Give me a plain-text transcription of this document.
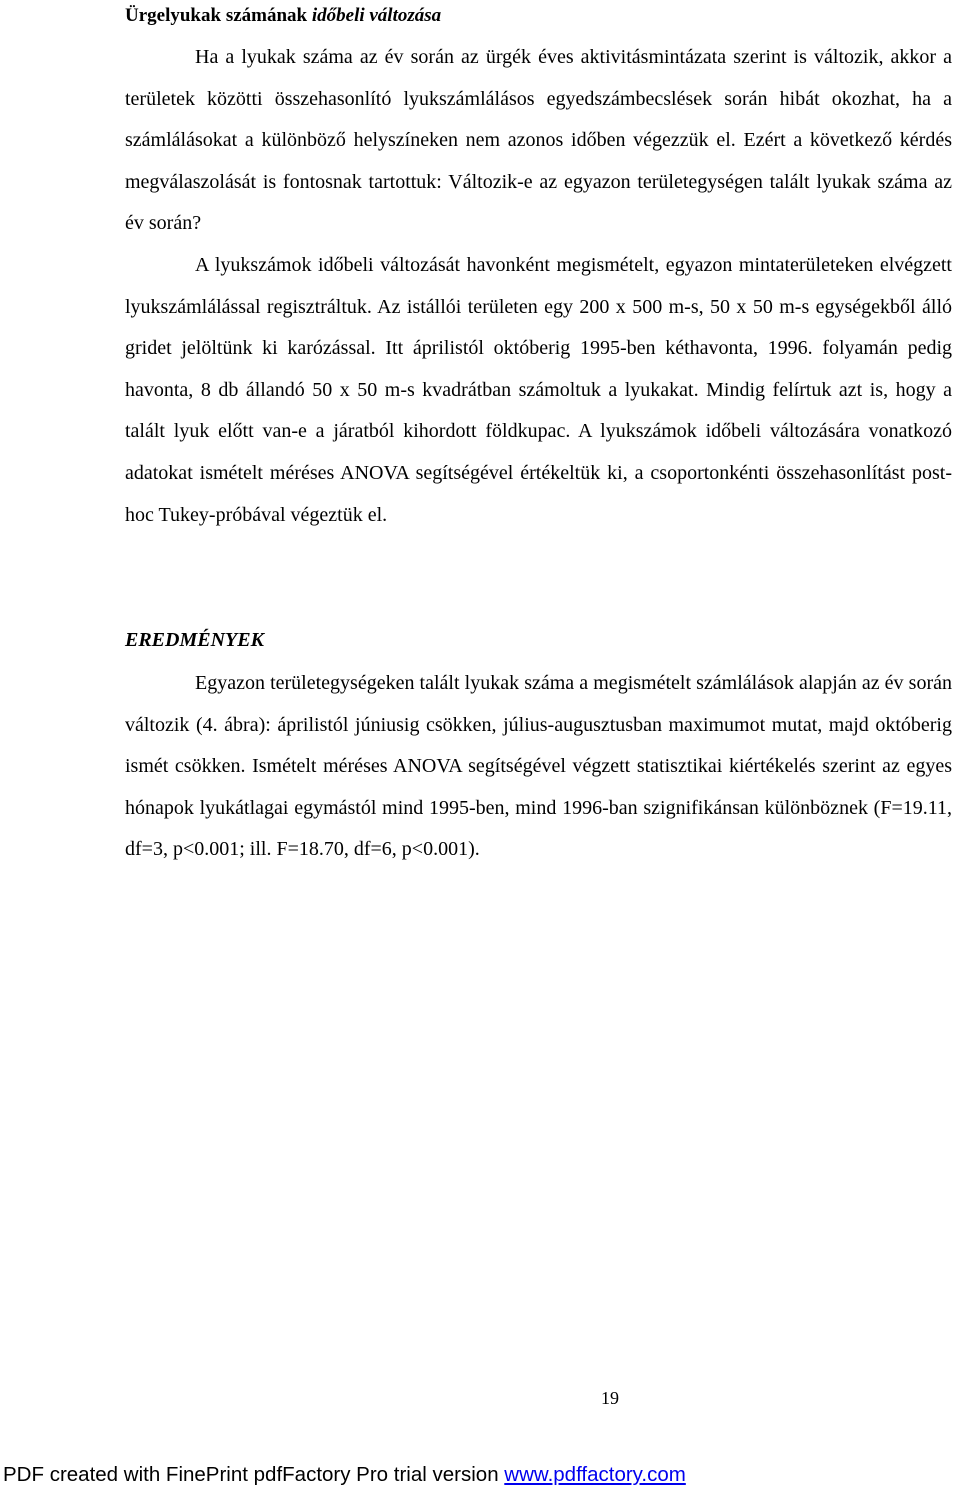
Ürgelyukak számának időbeli változása

Ha a lyukak száma az év során az ürgék éves aktivitásmintázata szerint is változik, akkor a területek közötti összehasonlító lyukszámlálásos egyedszámbecslések során hibát okozhat, ha a számlálásokat a különböző helyszíneken nem azonos időben végezzük el. Ezért a következő kérdés megválaszolását is fontosnak tartottuk: Változik-e az egyazon területegységen talált lyukak száma az év során?

A lyukszámok időbeli változását havonként megismételt, egyazon mintaterületeken elvégzett lyukszámlálással regisztráltuk. Az istállói területen egy 200 x 500 m-s, 50 x 50 m-s egységekből álló gridet jelöltünk ki karózással. Itt áprilistól októberig 1995-ben kéthavonta, 1996. folyamán pedig havonta, 8 db állandó 50 x 50 m-s kvadrátban számoltuk a lyukakat. Mindig felírtuk azt is, hogy a talált lyuk előtt van-e a járatból kihordott földkupac. A lyukszámok időbeli változására vonatkozó adatokat ismételt méréses ANOVA segítségével értékeltük ki, a csoportonkénti összehasonlítást post-hoc Tukey-próbával végeztük el.

EREDMÉNYEK

Egyazon területegységeken talált lyukak száma a megismételt számlálások alapján az év során változik (4. ábra): áprilistól júniusig csökken, július-augusztusban maximumot mutat, majd októberig ismét csökken. Ismételt méréses ANOVA segítségével végzett statisztikai kiértékelés szerint az egyes hónapok lyukátlagai egymástól mind 1995-ben, mind 1996-ban szignifikánsan különböznek (F=19.11, df=3, p<0.001; ill. F=18.70, df=6, p<0.001).

19

PDF created with FinePrint pdfFactory Pro trial version www.pdffactory.com
